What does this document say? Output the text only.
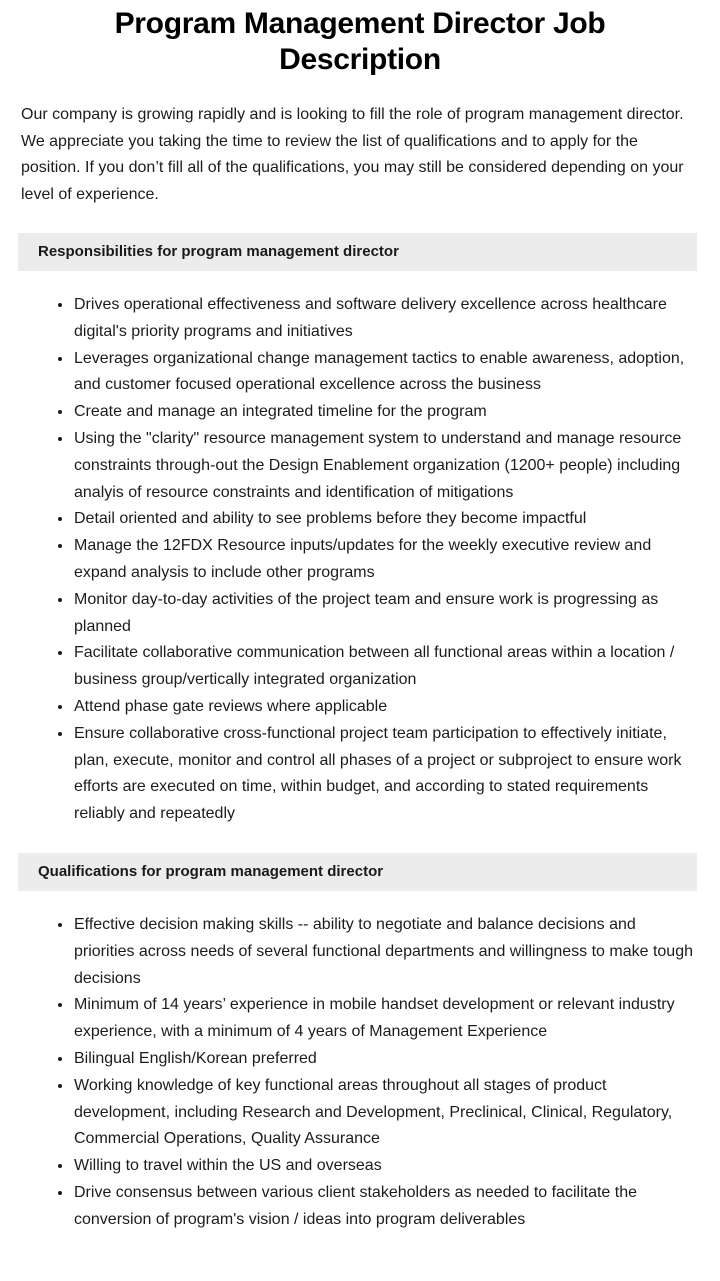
Program Management Director Job Description

Our company is growing rapidly and is looking to fill the role of program management director. We appreciate you taking the time to review the list of qualifications and to apply for the position. If you don’t fill all of the qualifications, you may still be considered depending on your level of experience.

Responsibilities for program management director
Drives operational effectiveness and software delivery excellence across healthcare digital's priority programs and initiatives
Leverages organizational change management tactics to enable awareness, adoption, and customer focused operational excellence across the business
Create and manage an integrated timeline for the program
Using the "clarity" resource management system to understand and manage resource constraints through-out the Design Enablement organization (1200+ people) including analyis of resource constraints and identification of mitigations
Detail oriented and ability to see problems before they become impactful
Manage the 12FDX Resource inputs/updates for the weekly executive review and expand analysis to include other programs
Monitor day-to-day activities of the project team and ensure work is progressing as planned
Facilitate collaborative communication between all functional areas within a location / business group/vertically integrated organization
Attend phase gate reviews where applicable
Ensure collaborative cross-functional project team participation to effectively initiate, plan, execute, monitor and control all phases of a project or subproject to ensure work efforts are executed on time, within budget, and according to stated requirements reliably and repeatedly
Qualifications for program management director
Effective decision making skills -- ability to negotiate and balance decisions and priorities across needs of several functional departments and willingness to make tough decisions
Minimum of 14 years’ experience in mobile handset development or relevant industry experience, with a minimum of 4 years of Management Experience
Bilingual English/Korean preferred
Working knowledge of key functional areas throughout all stages of product development, including Research and Development, Preclinical, Clinical, Regulatory, Commercial Operations, Quality Assurance
Willing to travel within the US and overseas
Drive consensus between various client stakeholders as needed to facilitate the conversion of program's vision / ideas into program deliverables
